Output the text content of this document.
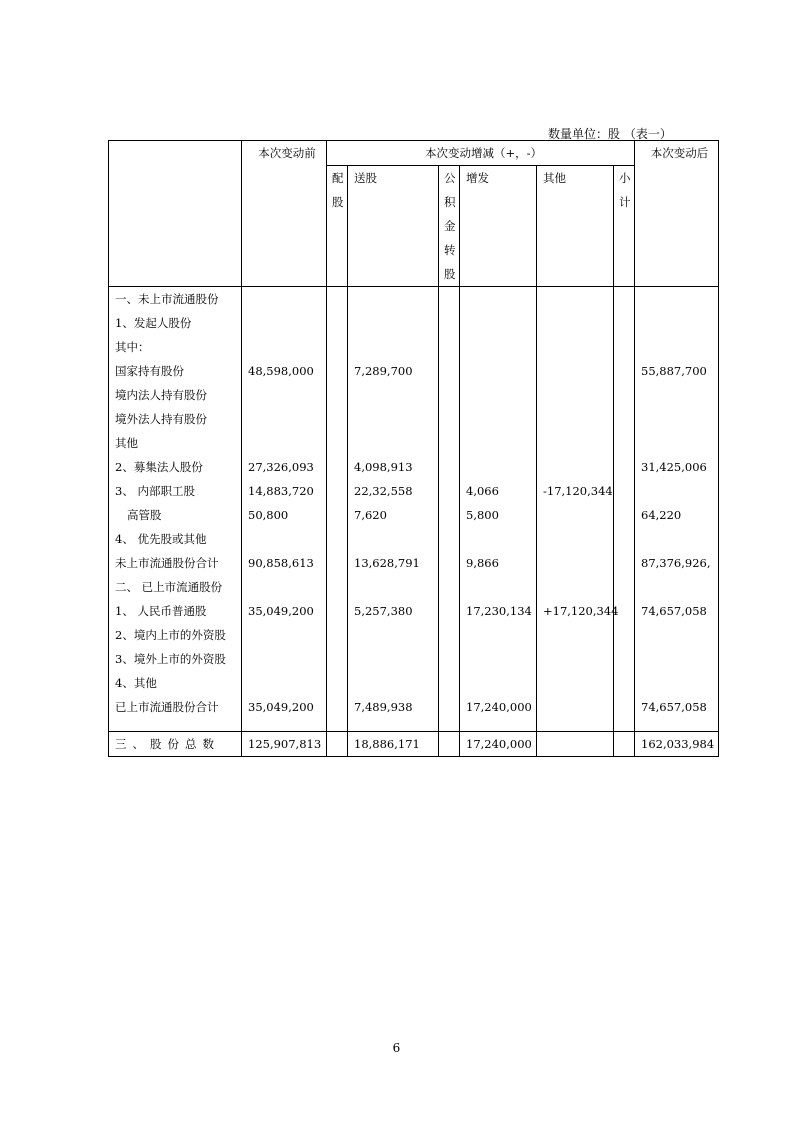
数量单位：股 （表一）
	本次变动前	本次变动增减（+，-）						本次变动后
		配股	送股	公积金转股	增发	其他	小计	
一、未上市流通股份								
1、发起人股份								
其中：								
国家持有股份	48,598,000		7,289,700					55,887,700
境内法人持有股份								
境外法人持有股份								
其他								
2、募集法人股份	27,326,093		4,098,913					31,425,006
3、 内部职工股	14,883,720		22,32,558		4,066	-17,120,344		
高管股	50,800		7,620		5,800			64,220
4、 优先股或其他								
未上市流通股份合计	90,858,613		13,628,791		9,866			87,376,926,
二、 已上市流通股份								
1、 人民币普通股	35,049,200		5,257,380		17,230,134	+17,120,344		74,657,058
2、境内上市的外资股								
3、境外上市的外资股								
4、其他								
已上市流通股份合计	35,049,200		7,489,938		17,240,000			74,657,058

三、股份总数	125,907,813		18,886,171		17,240,000			162,033,984
6
